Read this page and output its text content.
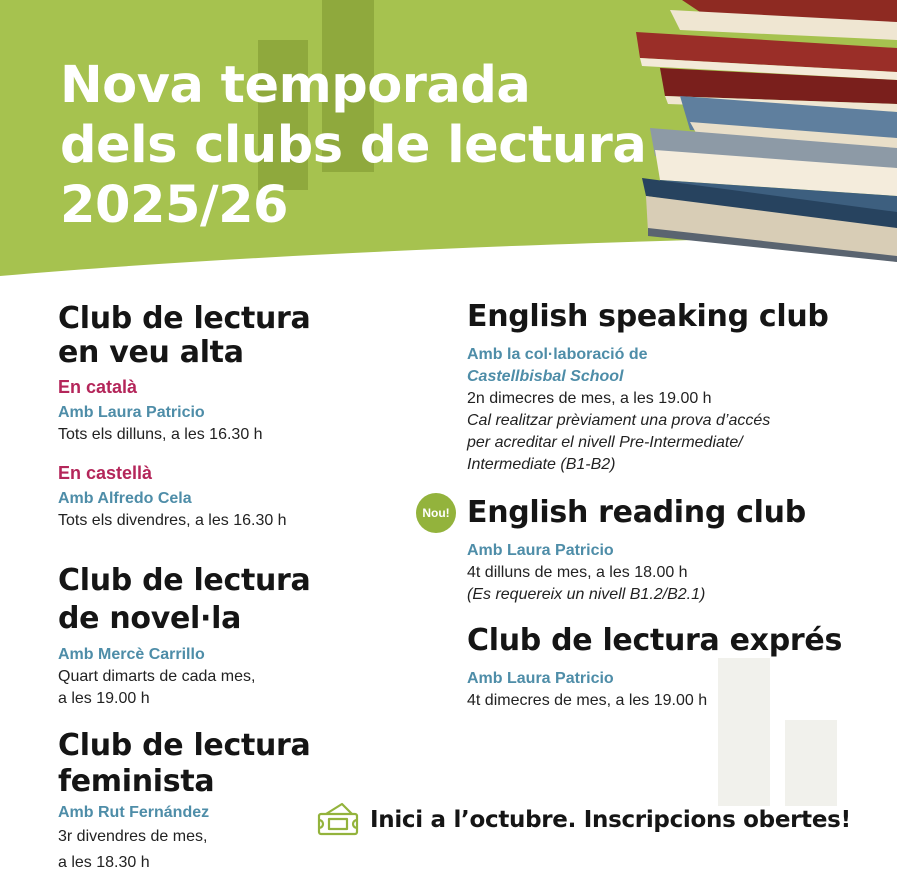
Nova temporada
dels clubs de lectura
2025/26
Club de lectura
en veu alta
En català
Amb Laura Patricio
Tots els dilluns, a les 16.30 h
En castellà
Amb Alfredo Cela
Tots els divendres, a les 16.30 h
Club de lectura
de novel·la
Amb Mercè Carrillo
Quart dimarts de cada mes,
a les 19.00 h
Club de lectura
feminista
Amb Rut Fernández
3r divendres de mes,
a les 18.30 h
English speaking club
Amb la col·laboració de
Castellbisbal School
2n dimecres de mes, a les 19.00 h
Cal realitzar prèviament una prova d’accés
per acreditar el nivell Pre-Intermediate/
Intermediate (B1-B2)
Nou! English reading club
Amb Laura Patricio
4t dilluns de mes, a les 18.00 h
(Es requereix un nivell B1.2/B2.1)
Club de lectura exprés
Amb Laura Patricio
4t dimecres de mes, a les 19.00 h
Inici a l’octubre. Inscripcions obertes!
